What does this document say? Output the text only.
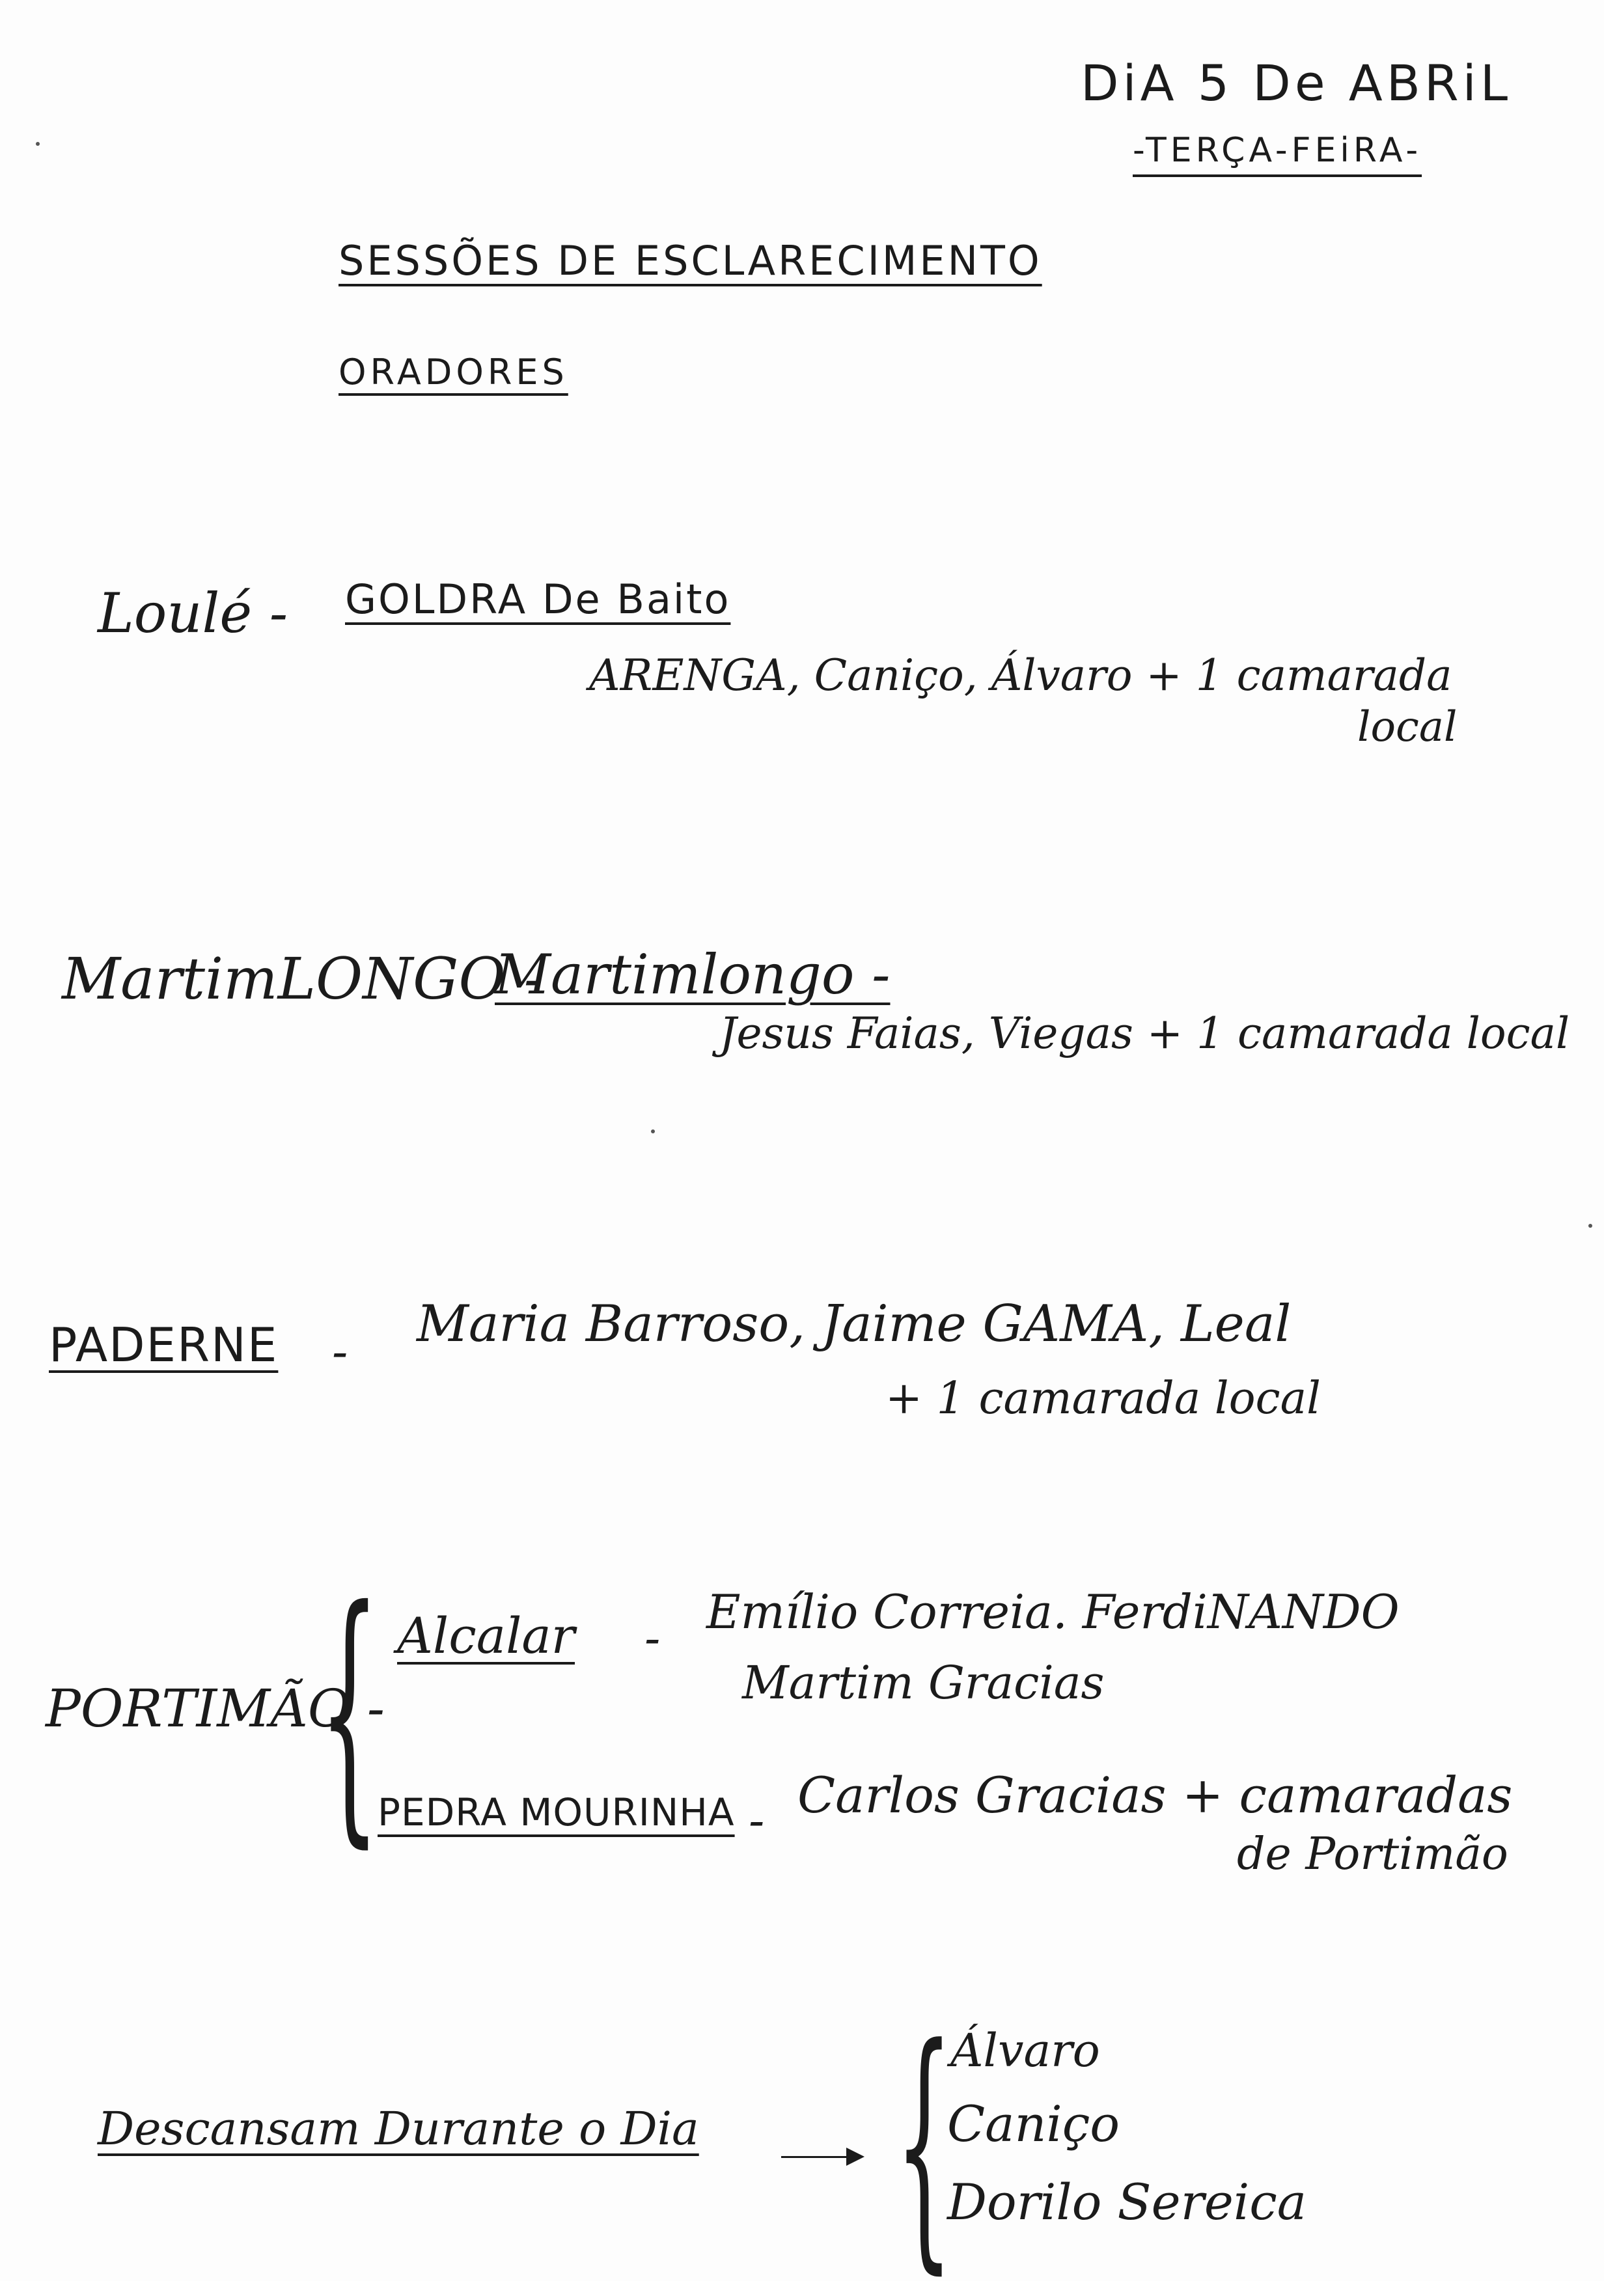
DiA 5 De ABRiL
-TERÇA-FEiRA-
SESSÕES DE ESCLARECIMENTO
ORADORES
Loulé - GOLDRA De Baito
ARENGA, Caniço, Álvaro + 1 camarada
local
MartimLONGO -
Martimlongo -
Jesus Faias, Viegas + 1 camarada local
PADERNE - Maria Barroso, Jaime GAMA, Leal
+ 1 camarada local
PORTIMÃO -
{ Alcalar - Emílio Correia. FerdiNANDO
Martim Gracias
PEDRA MOURINHA - Carlos Gracias + camaradas
de Portimão
Descansam Durante o Dia {
Álvaro
Caniço
Dorilo Sereica
